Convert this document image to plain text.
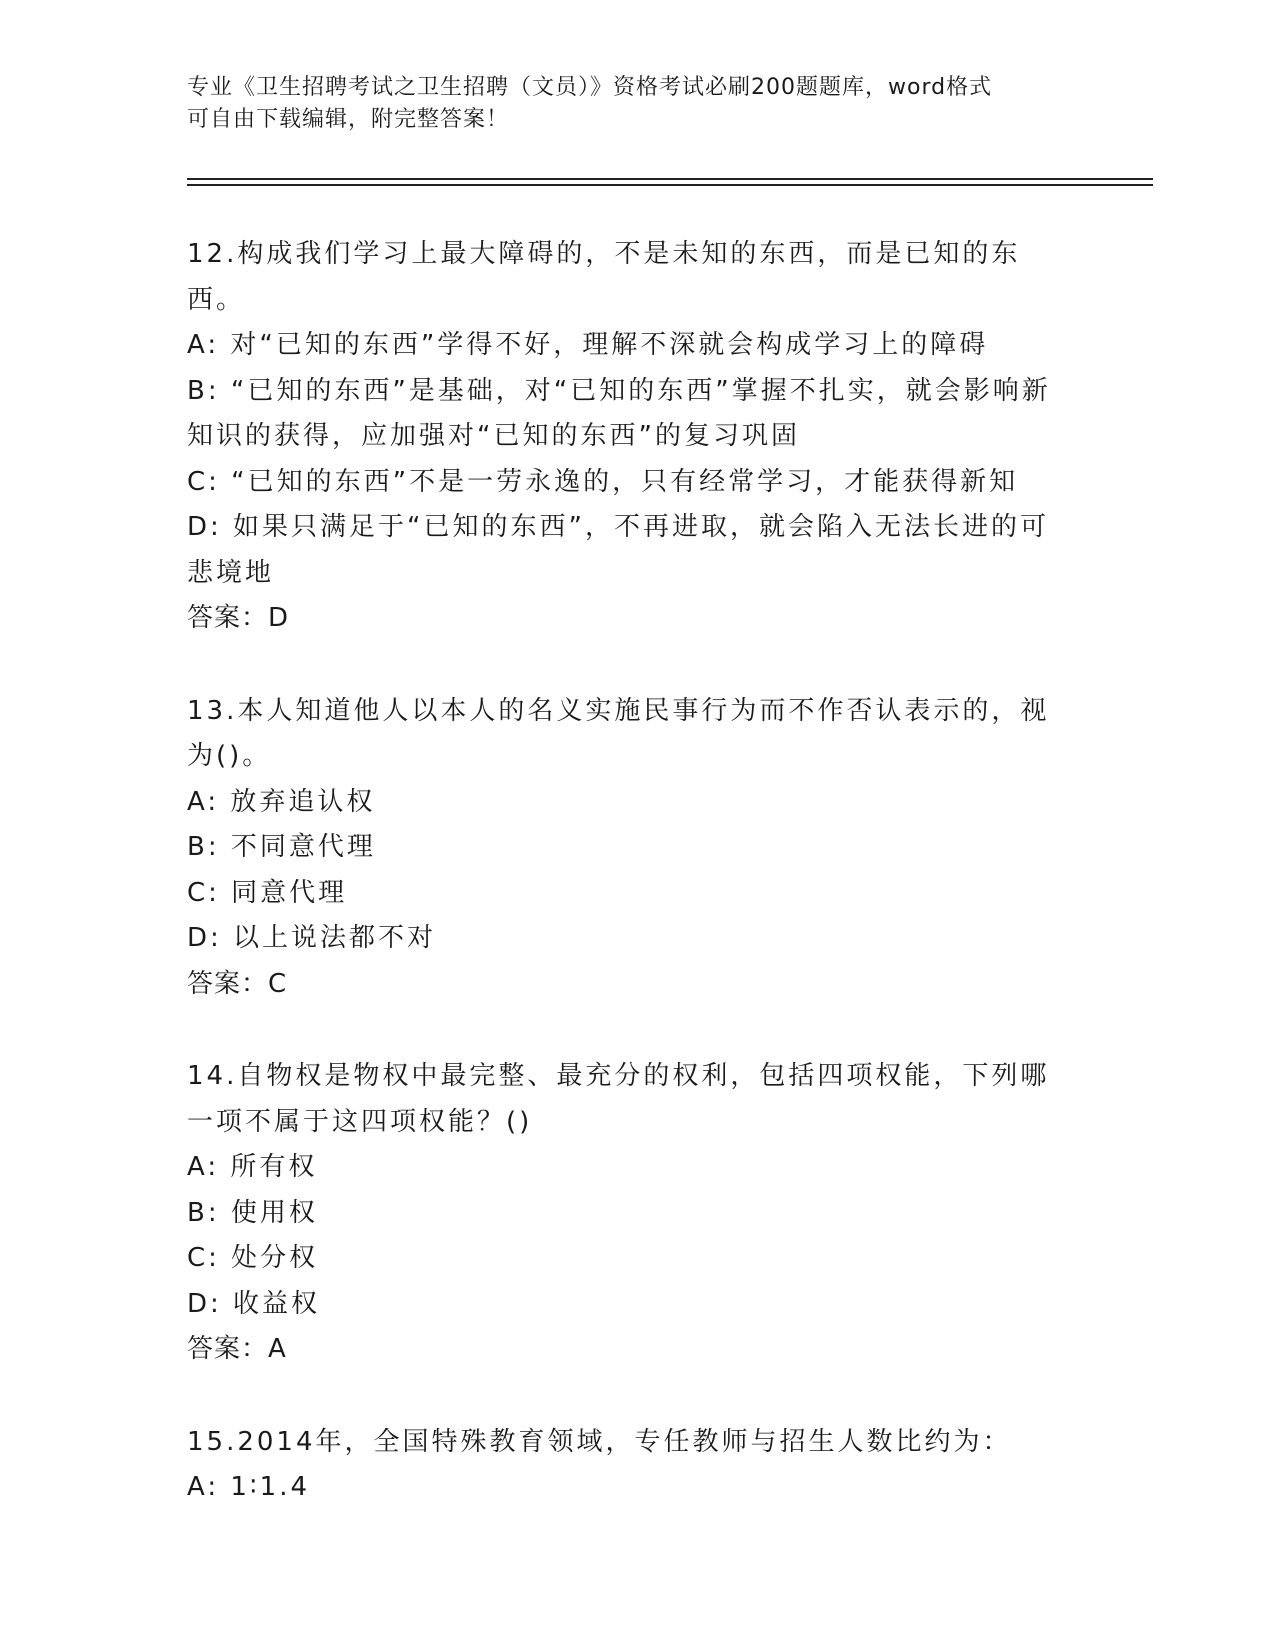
专业《卫生招聘考试之卫生招聘（文员）》资格考试必刷200题题库，word格式
可自由下载编辑，附完整答案！
12.构成我们学习上最大障碍的，不是未知的东西，而是已知的东西。
A: 对“已知的东西”学得不好，理解不深就会构成学习上的障碍
B: “已知的东西”是基础，对“已知的东西”掌握不扎实，就会影响新知识的获得，应加强对“已知的东西”的复习巩固
C: “已知的东西”不是一劳永逸的，只有经常学习，才能获得新知
D: 如果只满足于“已知的东西”，不再进取，就会陷入无法长进的可悲境地
答案：D
13.本人知道他人以本人的名义实施民事行为而不作否认表示的，视为()。
A: 放弃追认权
B: 不同意代理
C: 同意代理
D: 以上说法都不对
答案：C
14.自物权是物权中最完整、最充分的权利，包括四项权能，下列哪一项不属于这四项权能？()
A: 所有权
B: 使用权
C: 处分权
D: 收益权
答案：A
15.2014年，全国特殊教育领域，专任教师与招生人数比约为：
A: 1∶1.4
